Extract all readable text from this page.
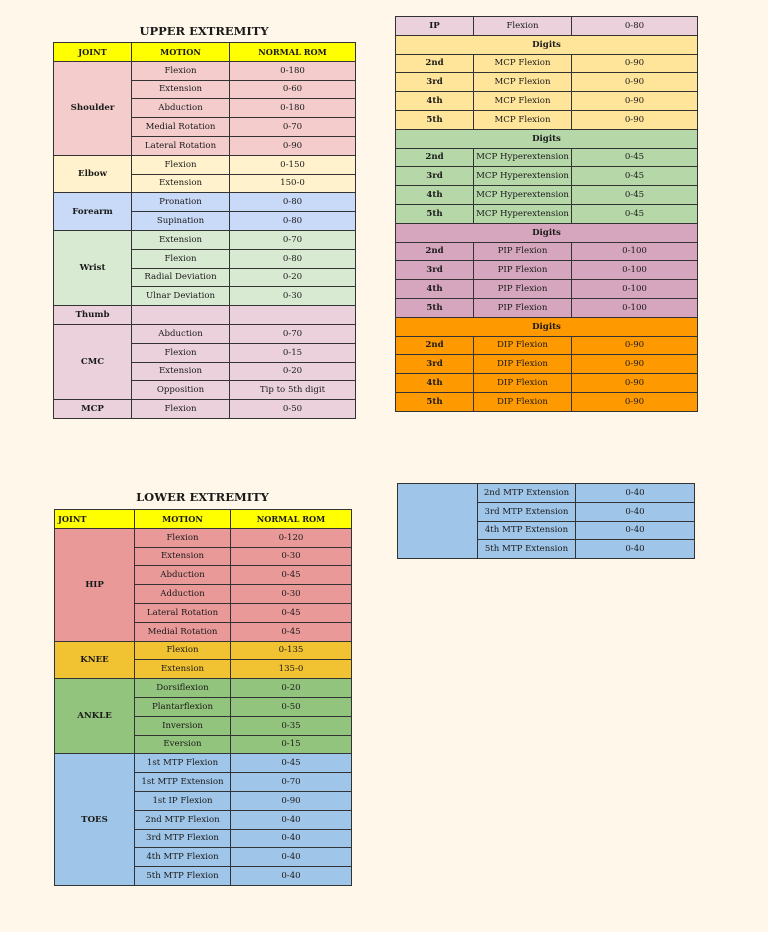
UPPER EXTREMITY
JOINT	MOTION	NORMAL ROM
Shoulder	Flexion	0-180
	Extension	0-60
	Abduction	0-180
	Medial Rotation	0-70
	Lateral Rotation	0-90
Elbow	Flexion	0-150
	Extension	150-0
Forearm	Pronation	0-80
	Supination	0-80
Wrist	Extension	0-70
	Flexion	0-80
	Radial Deviation	0-20
	Ulnar Deviation	0-30
Thumb		
CMC	Abduction	0-70
	Flexion	0-15
	Extension	0-20
	Opposition	Tip to 5th digit
MCP	Flexion	0-50
IP	Flexion	0-80
Digits		
2nd	MCP Flexion	0-90
3rd	MCP Flexion	0-90
4th	MCP Flexion	0-90
5th	MCP Flexion	0-90
Digits		
2nd	MCP Hyperextension	0-45
3rd	MCP Hyperextension	0-45
4th	MCP Hyperextension	0-45
5th	MCP Hyperextension	0-45
Digits		
2nd	PIP Flexion	0-100
3rd	PIP Flexion	0-100
4th	PIP Flexion	0-100
5th	PIP Flexion	0-100
Digits		
2nd	DIP Flexion	0-90
3rd	DIP Flexion	0-90
4th	DIP Flexion	0-90
5th	DIP Flexion	0-90
LOWER EXTREMITY
JOINT	MOTION	NORMAL ROM
HIP	Flexion	0-120
	Extension	0-30
	Abduction	0-45
	Adduction	0-30
	Lateral Rotation	0-45
	Medial Rotation	0-45
KNEE	Flexion	0-135
	Extension	135-0
ANKLE	Dorsiflexion	0-20
	Plantarflexion	0-50
	Inversion	0-35
	Eversion	0-15
TOES	1st MTP Flexion	0-45
	1st MTP Extension	0-70
	1st IP Flexion	0-90
	2nd MTP Flexion	0-40
	3rd MTP Flexion	0-40
	4th MTP Flexion	0-40
	5th MTP Flexion	0-40
	2nd MTP Extension	0-40
	3rd MTP Extension	0-40
	4th MTP Extension	0-40
	5th MTP Extension	0-40
